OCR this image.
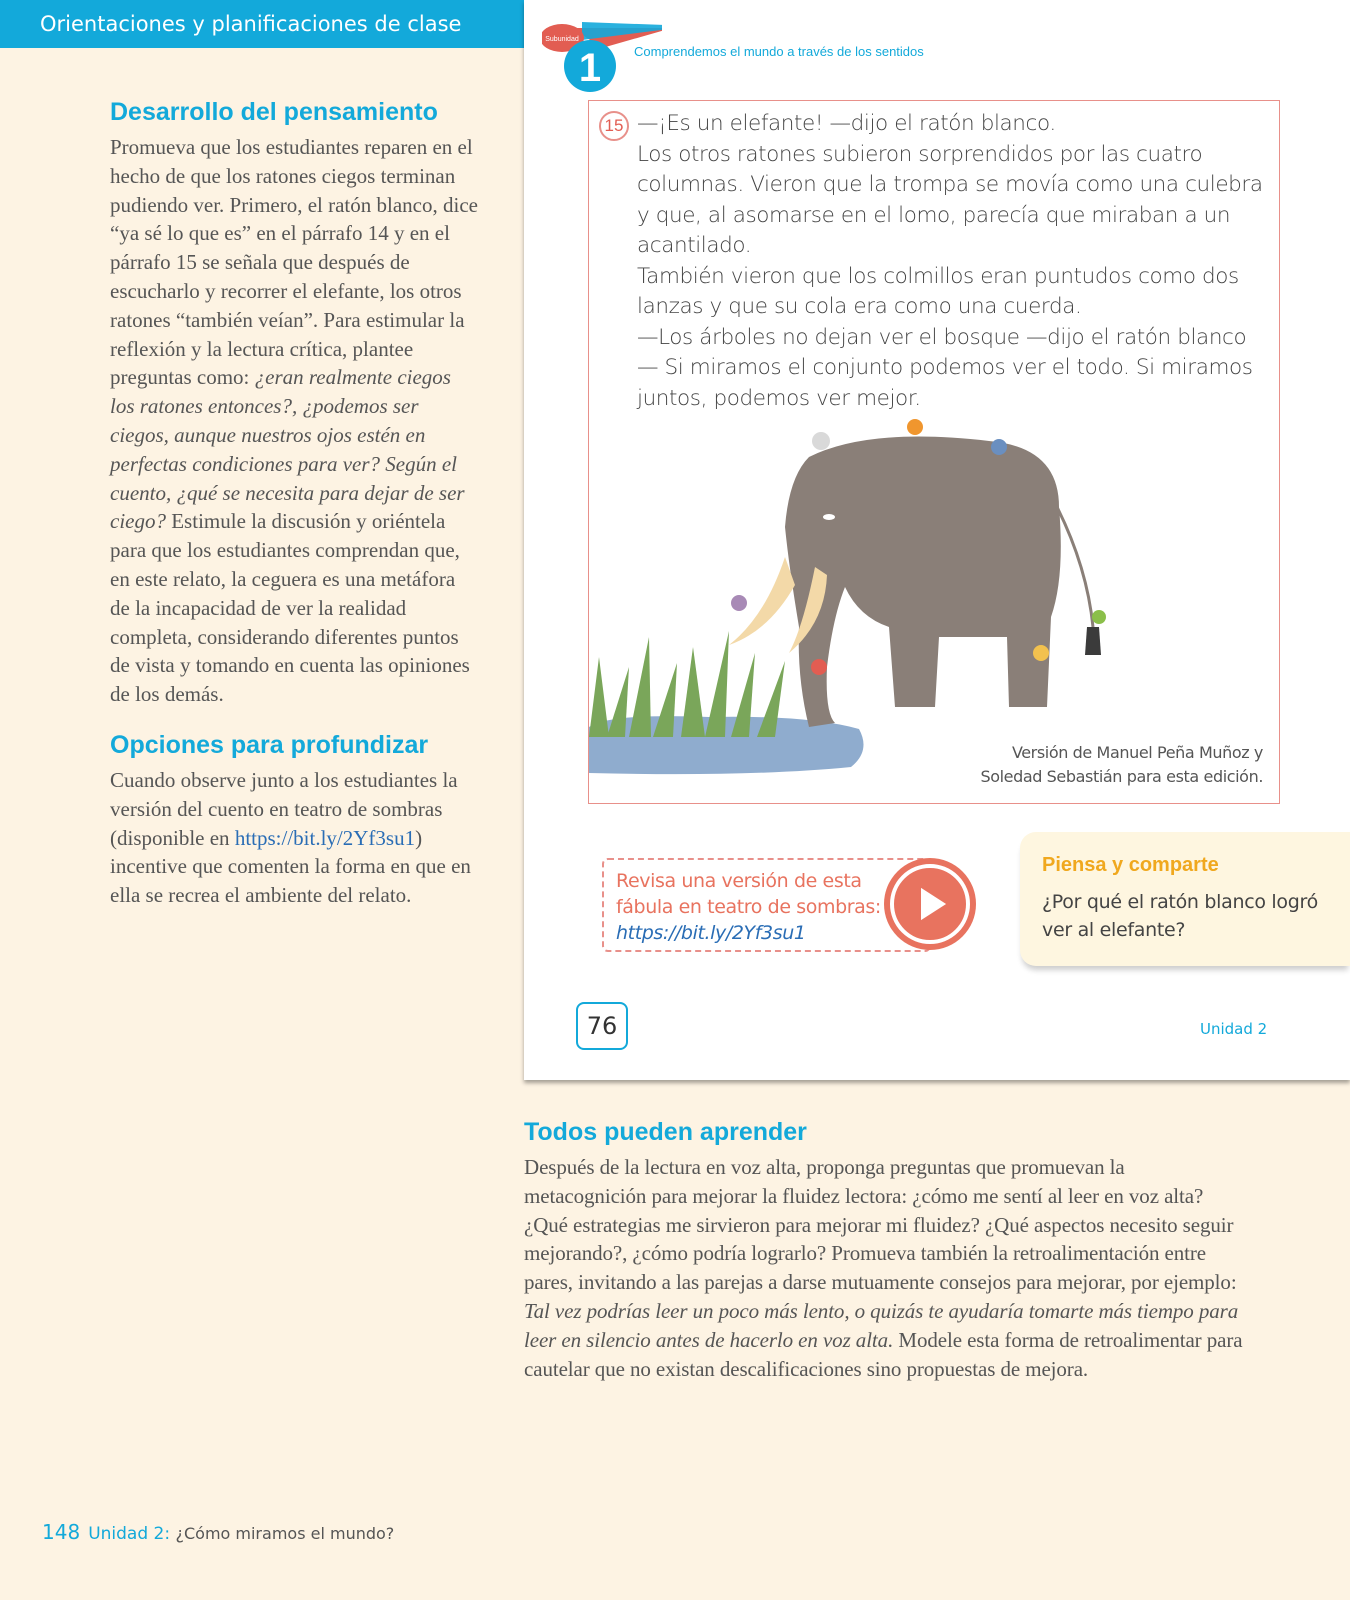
Orientaciones y planificaciones de clase
Desarrollo del pensamiento

Promueva que los estudiantes reparen en el hecho de que los ratones ciegos terminan pudiendo ver. Primero, el ratón blanco, dice “ya sé lo que es” en el párrafo 14 y en el párrafo 15 se señala que después de escucharlo y recorrer el elefante, los otros ratones “también veían”. Para estimular la reflexión y la lectura crítica, plantee preguntas como: ¿eran realmente ciegos los ratones entonces?, ¿podemos ser ciegos, aunque nuestros ojos estén en perfectas condiciones para ver? Según el cuento, ¿qué se necesita para dejar de ser ciego? Estimule la discusión y oriéntela para que los estudiantes comprendan que, en este relato, la ceguera es una metáfora de la incapacidad de ver la realidad completa, considerando diferentes puntos de vista y tomando en cuenta las opiniones de los demás.

Opciones para profundizar

Cuando observe junto a los estudiantes la versión del cuento en teatro de sombras (disponible en https://bit.ly/2Yf3su1) incentive que comenten la forma en que en ella se recrea el ambiente del relato.

Subunidad
1	Comprendemos el mundo a través de los sentidos
15 —¡Es un elefante! —dijo el ratón blanco.

Los otros ratones subieron sorprendidos por las cuatro columnas. Vieron que la trompa se movía como una culebra y que, al asomarse en el lomo, parecía que miraban a un acantilado.

También vieron que los colmillos eran puntudos como dos lanzas y que su cola era como una cuerda.

—Los árboles no dejan ver el bosque —dijo el ratón blanco— Si miramos el conjunto podemos ver el todo. Si miramos juntos, podemos ver mejor.

Versión de Manuel Peña Muñoz y
Soledad Sebastián para esta edición.
Revisa una versión de esta
fábula en teatro de sombras:
https://bit.ly/2Yf3su1
Piensa y comparte
¿Por qué el ratón blanco logró ver al elefante?
76	Unidad 2
Todos pueden aprender

Después de la lectura en voz alta, proponga preguntas que promuevan la metacognición para mejorar la fluidez lectora: ¿cómo me sentí al leer en voz alta? ¿Qué estrategias me sirvieron para mejorar mi fluidez? ¿Qué aspectos necesito seguir mejorando?, ¿cómo podría lograrlo? Promueva también la retroalimentación entre pares, invitando a las parejas a darse mutuamente consejos para mejorar, por ejemplo: Tal vez podrías leer un poco más lento, o quizás te ayudaría tomarte más tiempo para leer en silencio antes de hacerlo en voz alta. Modele esta forma de retroalimentar para cautelar que no existan descalificaciones sino propuestas de mejora.

148 Unidad 2: ¿Cómo miramos el mundo?
